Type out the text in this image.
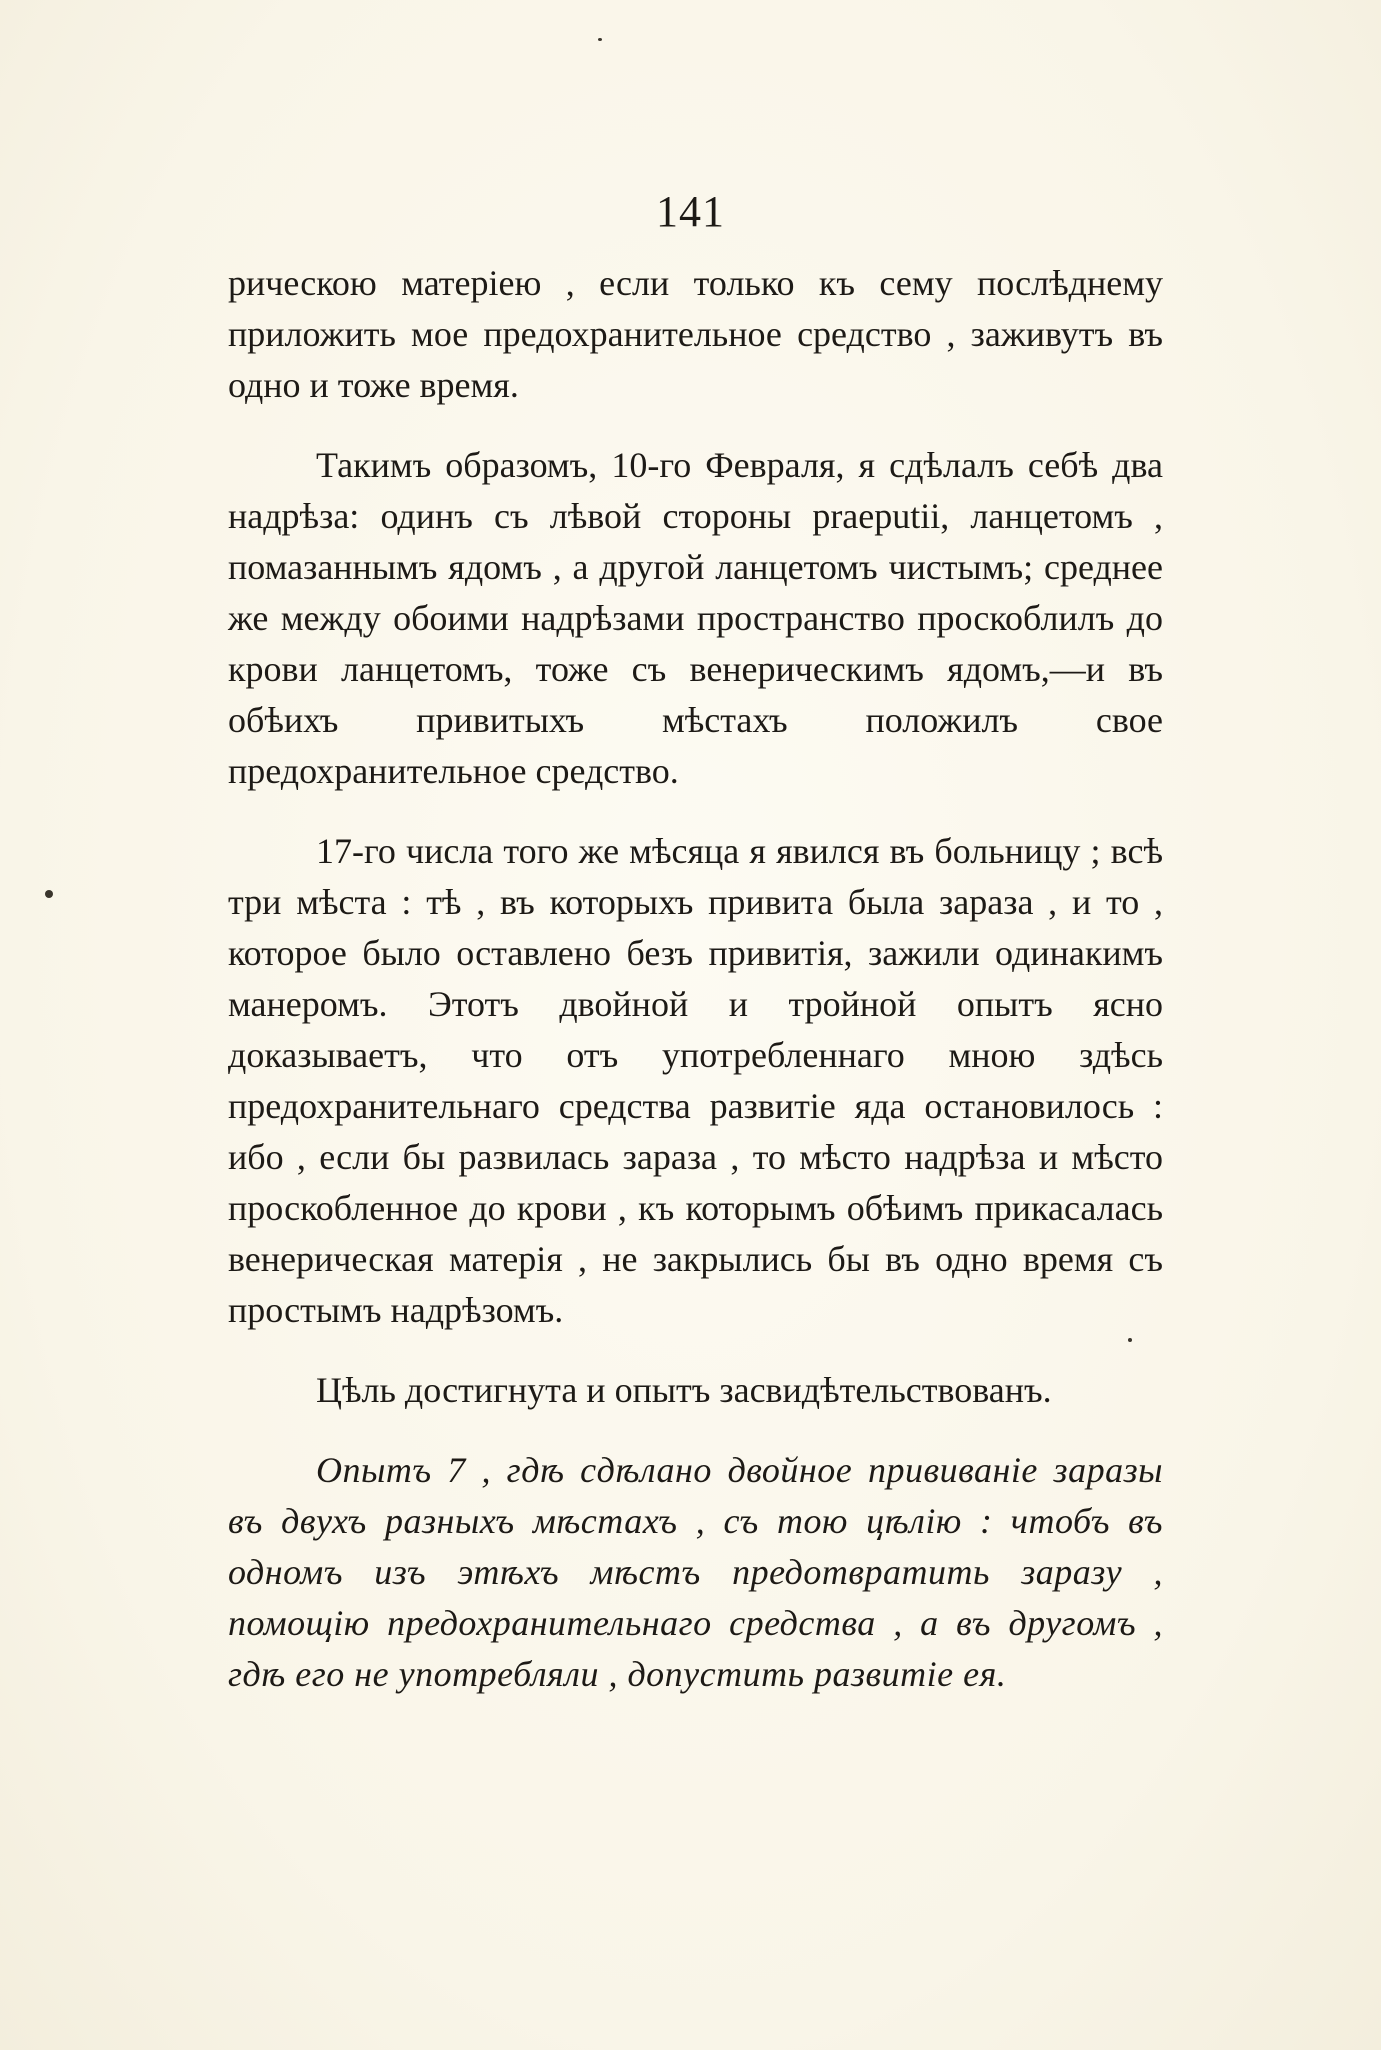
141

рическою матеріею , если только къ сему послѣднему приложить мое предохранительное средство , заживутъ въ одно и тоже время.

Такимъ образомъ, 10-го Февраля, я сдѣлалъ себѣ два надрѣза: одинъ съ лѣвой стороны praeputii, ланцетомъ , помазаннымъ ядомъ , а другой ланцетомъ чистымъ; среднее же между обоими надрѣзами пространство проскоблилъ до крови ланцетомъ, тоже съ венерическимъ ядомъ,—и въ обѣихъ привитыхъ мѣстахъ положилъ свое предохранительное средство.

17-го числа того же мѣсяца я явился въ больницу ; всѣ три мѣста : тѣ , въ которыхъ привита была зараза , и то , которое было оставлено безъ привитія, зажили одинакимъ манеромъ. Этотъ двойной и тройной опытъ ясно доказываетъ, что отъ употребленнаго мною здѣсь предохранительнаго средства развитіе яда остановилось : ибо , если бы развилась зараза , то мѣсто надрѣза и мѣсто проскобленное до крови , къ которымъ обѣимъ прикасалась венерическая матерія , не закрылись бы въ одно время съ простымъ надрѣзомъ.

Цѣль достигнута и опытъ засвидѣтельствованъ.

Опытъ 7 , гдѣ сдѣлано двойное прививаніе заразы въ двухъ разныхъ мѣстахъ , съ тою цѣлію : чтобъ въ одномъ изъ этѣхъ мѣстъ предотвратить заразу , помощію предохранительнаго средства , а въ другомъ , гдѣ его не употребляли , допустить развитіе ея.
